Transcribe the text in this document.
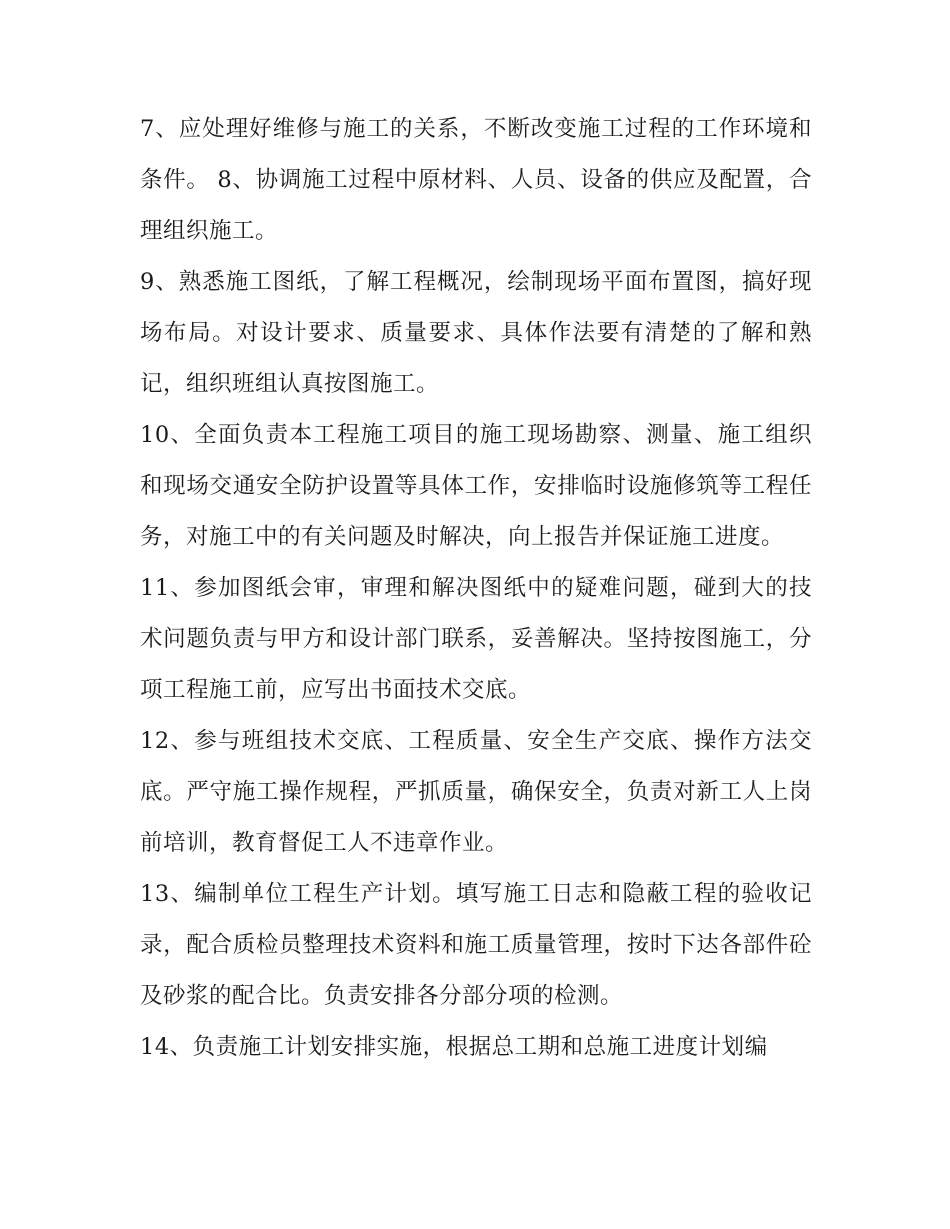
7、应处理好维修与施工的关系，不断改变施工过程的工作环境和条件。 8、协调施工过程中原材料、人员、设备的供应及配置，合理组织施工。

9、熟悉施工图纸，了解工程概况，绘制现场平面布置图，搞好现场布局。对设计要求、质量要求、具体作法要有清楚的了解和熟记，组织班组认真按图施工。

10、全面负责本工程施工项目的施工现场勘察、测量、施工组织和现场交通安全防护设置等具体工作，安排临时设施修筑等工程任务，对施工中的有关问题及时解决，向上报告并保证施工进度。

11、参加图纸会审，审理和解决图纸中的疑难问题，碰到大的技术问题负责与甲方和设计部门联系，妥善解决。坚持按图施工，分项工程施工前，应写出书面技术交底。

12、参与班组技术交底、工程质量、安全生产交底、操作方法交底。严守施工操作规程，严抓质量，确保安全，负责对新工人上岗前培训，教育督促工人不违章作业。

13、编制单位工程生产计划。填写施工日志和隐蔽工程的验收记录，配合质检员整理技术资料和施工质量管理，按时下达各部件砼及砂浆的配合比。负责安排各分部分项的检测。

14、负责施工计划安排实施，根据总工期和总施工进度计划编
